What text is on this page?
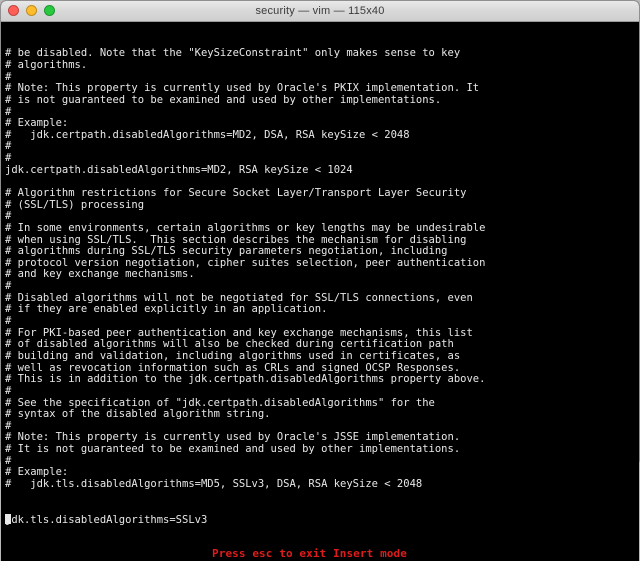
security — vim — 115x40

# be disabled. Note that the "KeySizeConstraint" only makes sense to key
# algorithms.
#
# Note: This property is currently used by Oracle's PKIX implementation. It
# is not guaranteed to be examined and used by other implementations.
#
# Example:
#   jdk.certpath.disabledAlgorithms=MD2, DSA, RSA keySize < 2048
#
#
jdk.certpath.disabledAlgorithms=MD2, RSA keySize < 1024
# Algorithm restrictions for Secure Socket Layer/Transport Layer Security
# (SSL/TLS) processing
#
# In some environments, certain algorithms or key lengths may be undesirable
# when using SSL/TLS.  This section describes the mechanism for disabling
# algorithms during SSL/TLS security parameters negotiation, including
# protocol version negotiation, cipher suites selection, peer authentication
# and key exchange mechanisms.
#
# Disabled algorithms will not be negotiated for SSL/TLS connections, even
# if they are enabled explicitly in an application.
#
# For PKI-based peer authentication and key exchange mechanisms, this list
# of disabled algorithms will also be checked during certification path
# building and validation, including algorithms used in certificates, as
# well as revocation information such as CRLs and signed OCSP Responses.
# This is in addition to the jdk.certpath.disabledAlgorithms property above.
#
# See the specification of "jdk.certpath.disabledAlgorithms" for the
# syntax of the disabled algorithm string.
#
# Note: This property is currently used by Oracle's JSSE implementation.
# It is not guaranteed to be examined and used by other implementations.
#
# Example:
#   jdk.tls.disabledAlgorithms=MD5, SSLv3, DSA, RSA keySize < 2048

jdk.tls.disabledAlgorithms=SSLv3

Press esc to exit Insert mode
